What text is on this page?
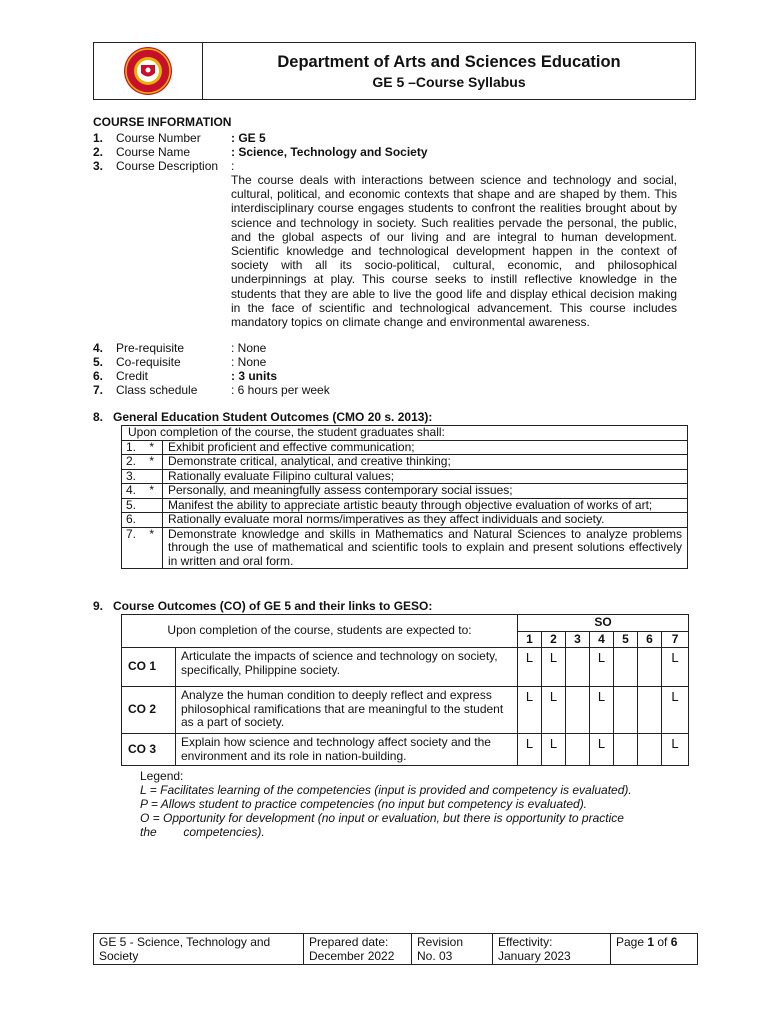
Department of Arts and Sciences Education
GE 5 –Course Syllabus
COURSE INFORMATION
1. Course Number	: GE 5
2. Course Name	: Science, Technology and Society
3. Course Description :
The course deals with interactions between science and technology and social, cultural, political, and economic contexts that shape and are shaped by them. This interdisciplinary course engages students to confront the realities brought about by science and technology in society. Such realities pervade the personal, the public, and the global aspects of our living and are integral to human development. Scientific knowledge and technological development happen in the context of society with all its socio-political, cultural, economic, and philosophical underpinnings at play. This course seeks to instill reflective knowledge in the students that they are able to live the good life and display ethical decision making in the face of scientific and technological advancement. This course includes mandatory topics on climate change and environmental awareness.
4. Pre-requisite	: None
5. Co-requisite	: None
6. Credit	: 3 units
7. Class schedule	: 6 hours per week
8.   General Education Student Outcomes (CMO 20 s. 2013):
Upon completion of the course, the student graduates shall:	
1.    *	Exhibit proficient and effective communication;
2.    *	Demonstrate critical, analytical, and creative thinking;
3.	Rationally evaluate Filipino cultural values;
4.    *	Personally, and meaningfully assess contemporary social issues;
5.	Manifest the ability to appreciate artistic beauty through objective evaluation of works of art;
6.	Rationally evaluate moral norms/imperatives as they affect individuals and society.
7.    *	Demonstrate knowledge and skills in Mathematics and Natural Sciences to analyze problems through the use of mathematical and scientific tools to explain and present solutions effectively in written and oral form.
9.   Course Outcomes (CO) of GE 5 and their links to GESO:
Upon completion of the course, students are expected to:		SO						
		1	2	3	4	5	6	7
CO 1	Articulate the impacts of science and technology on society, specifically, Philippine society.	L	L		L			L
CO 2	Analyze the human condition to deeply reflect and express philosophical ramifications that are meaningful to the student as a part of society.	L	L		L			L
CO 3	Explain how science and technology affect society and the environment and its role in nation-building.	L	L		L			L
Legend:
L = Facilitates learning of the competencies (input is provided and competency is evaluated).
P = Allows student to practice competencies (no input but competency is evaluated).
O = Opportunity for development (no input or evaluation, but there is opportunity to practice
the        competencies).
GE 5 - Science, Technology and Society	
Prepared date:
December 2022

Revision
No. 03

Effectivity:
January 2023
	Page 1 of 6
